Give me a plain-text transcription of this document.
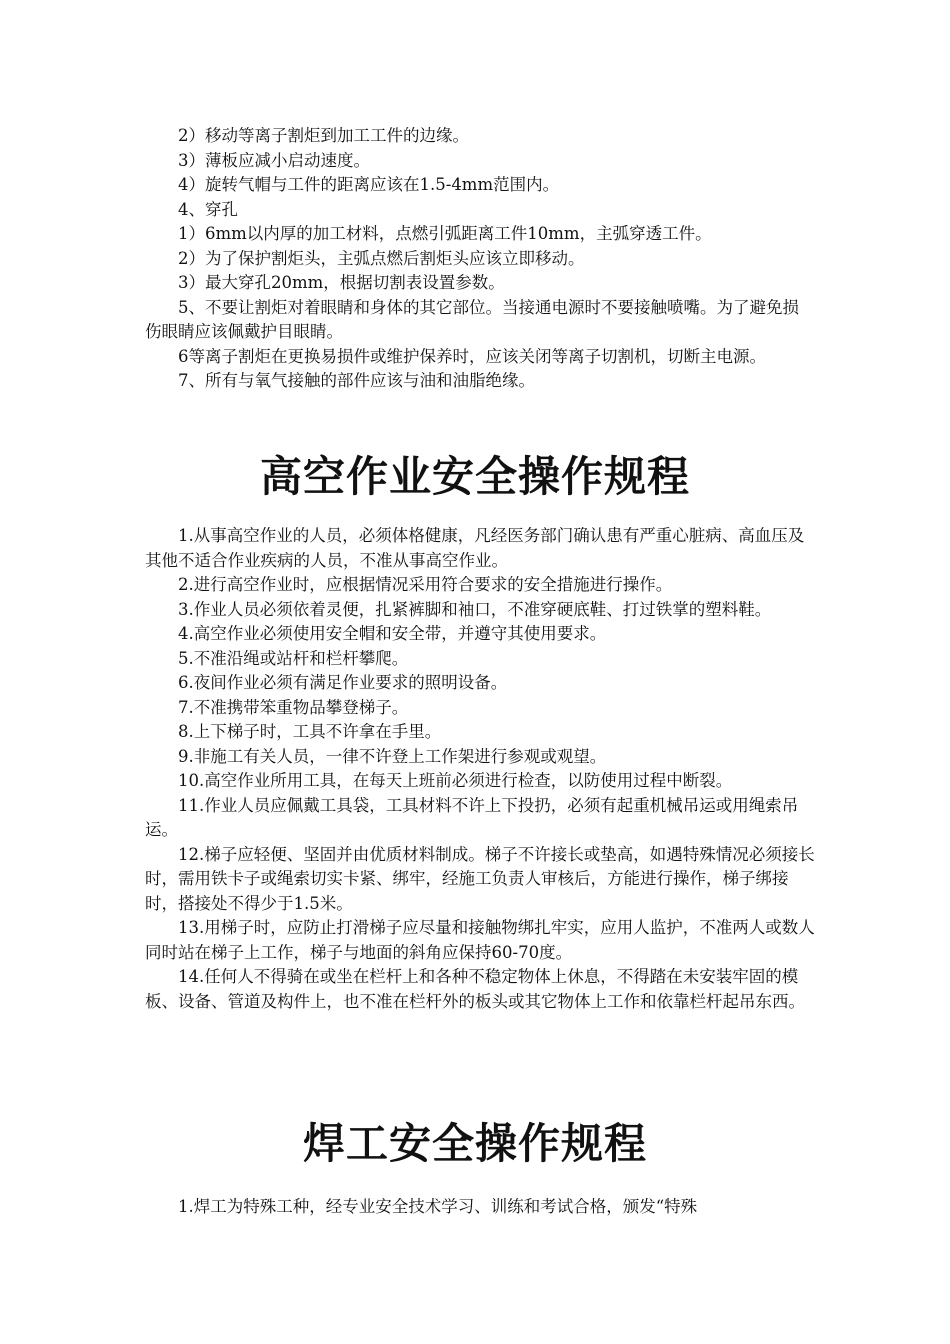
2）移动等离子割炬到加工工件的边缘。

3）薄板应减小启动速度。

4）旋转气帽与工件的距离应该在1.5-4mm范围内。

4、穿孔

1）6mm以内厚的加工材料，点燃引弧距离工件10mm，主弧穿透工件。

2）为了保护割炬头，主弧点燃后割炬头应该立即移动。

3）最大穿孔20mm，根据切割表设置参数。

5、不要让割炬对着眼睛和身体的其它部位。当接通电源时不要接触喷嘴。为了避免损伤眼睛应该佩戴护目眼睛。

6等离子割炬在更换易损件或维护保养时，应该关闭等离子切割机，切断主电源。

7、所有与氧气接触的部件应该与油和油脂绝缘。

高空作业安全操作规程

1.从事高空作业的人员，必须体格健康，凡经医务部门确认患有严重心脏病、高血压及其他不适合作业疾病的人员，不准从事高空作业。

2.进行高空作业时，应根据情况采用符合要求的安全措施进行操作。

3.作业人员必须依着灵便，扎紧裤脚和袖口，不准穿硬底鞋、打过铁掌的塑料鞋。

4.高空作业必须使用安全帽和安全带，并遵守其使用要求。

5.不准沿绳或站杆和栏杆攀爬。

6.夜间作业必须有满足作业要求的照明设备。

7.不准携带笨重物品攀登梯子。

8.上下梯子时，工具不许拿在手里。

9.非施工有关人员，一律不许登上工作架进行参观或观望。

10.高空作业所用工具，在每天上班前必须进行检查，以防使用过程中断裂。

11.作业人员应佩戴工具袋，工具材料不许上下投扔，必须有起重机械吊运或用绳索吊运。

12.梯子应轻便、坚固并由优质材料制成。梯子不许接长或垫高，如遇特殊情况必须接长时，需用铁卡子或绳索切实卡紧、绑牢，经施工负责人审核后，方能进行操作，梯子绑接时，搭接处不得少于1.5米。

13.用梯子时，应防止打滑梯子应尽量和接触物绑扎牢实，应用人监护，不准两人或数人同时站在梯子上工作，梯子与地面的斜角应保持60-70度。

14.任何人不得骑在或坐在栏杆上和各种不稳定物体上休息，不得踏在未安装牢固的模板、设备、管道及构件上，也不准在栏杆外的板头或其它物体上工作和依靠栏杆起吊东西。

焊工安全操作规程

1.焊工为特殊工种，经专业安全技术学习、训练和考试合格，颁发“特殊
